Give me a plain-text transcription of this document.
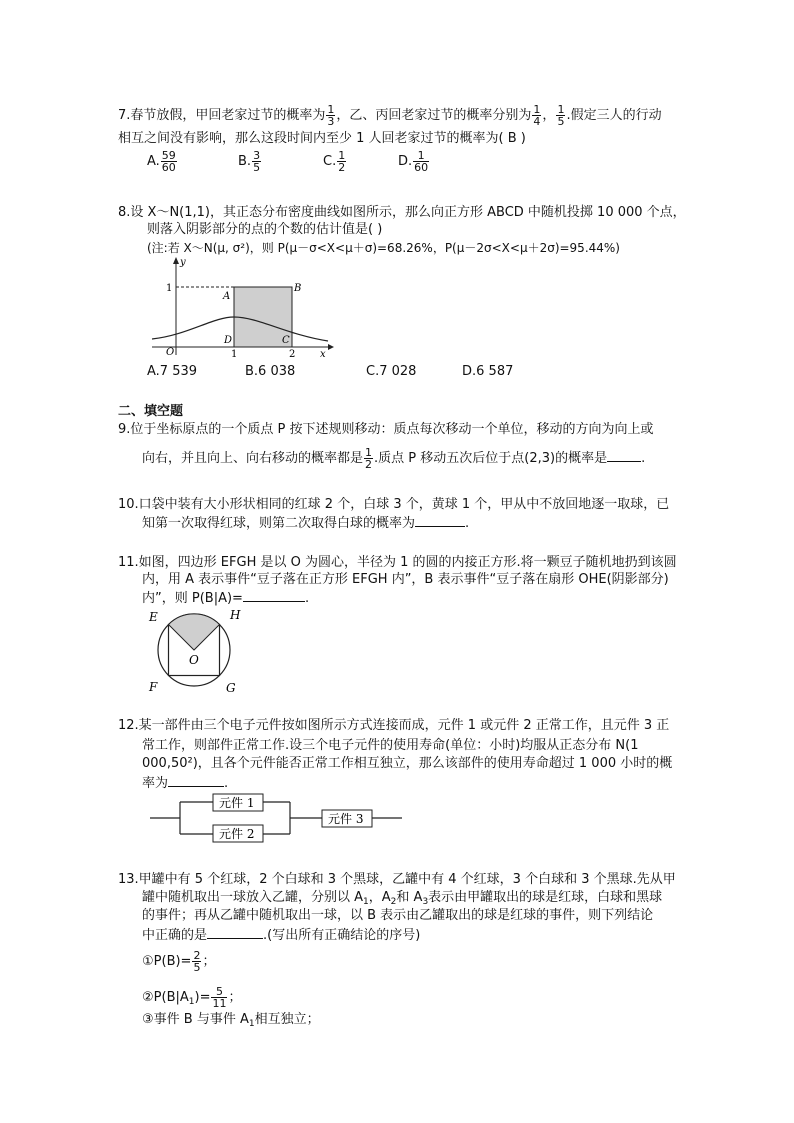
7.春节放假，甲回老家过节的概率为 $\frac{1}{3}$ ，乙、丙回老家过节的概率分别为 $\frac{1}{4}$ ， $\frac{1}{5}$ .假定三人的行动
相互之间没有影响，那么这段时间内至少 1 人回老家过节的概率为( B )
A. $\frac{59}{60}$	B. $\frac{3}{5}$	C. $\frac{1}{2}$	D. $\frac{1}{60}$
8.设 X～N(1,1)，其正态分布密度曲线如图所示，那么向正方形 ABCD 中随机投掷 10 000 个点，
则落入阴影部分的点的个数的估计值是( )
(注:若 X～N(μ, σ²)，则 P(μ－σ<X<μ＋σ)=68.26%，P(μ－2σ<X<μ＋2σ)=95.44%)
y
1
O	1	2 x
A
B
C
D
A.7 539	B.6 038	C.7 028	D.6 587
二、填空题
9.位于坐标原点的一个质点 P 按下述规则移动：质点每次移动一个单位，移动的方向为向上或
向右，并且向上、向右移动的概率都是 $\frac{1}{2}$ .质点 P 移动五次后位于点(2,3)的概率是	.
10.口袋中装有大小形状相同的红球 2 个，白球 3 个，黄球 1 个，甲从中不放回地逐一取球，已
知第一次取得红球，则第二次取得白球的概率为	.
11.如图，四边形 EFGH 是以 O 为圆心，半径为 1 的圆的内接正方形.将一颗豆子随机地扔到该圆
内，用 A 表示事件“豆子落在正方形 EFGH 内”，B 表示事件“豆子落在扇形 OHE(阴影部分)
内”，则 P(B|A)=	.
E	H
F	G
O
12.某一部件由三个电子元件按如图所示方式连接而成，元件 1 或元件 2 正常工作，且元件 3 正
常工作，则部件正常工作.设三个电子元件的使用寿命(单位：小时)均服从正态分布 N(1
000,50²)，且各个元件能否正常工作相互独立，那么该部件的使用寿命超过 1 000 小时的概
率为	.
元件 1
元件 2
元件 3
13.甲罐中有 5 个红球，2 个白球和 3 个黑球，乙罐中有 4 个红球，3 个白球和 3 个黑球.先从甲
罐中随机取出一球放入乙罐，分别以 $A_1$，$A_2$和 $A_3$表示由甲罐取出的球是红球，白球和黑球
的事件；再从乙罐中随机取出一球，以 B 表示由乙罐取出的球是红球的事件，则下列结论
中正确的是	.(写出所有正确结论的序号)
①P(B)= $\frac{2}{5}$ ；
$②P(B|A_1)= \frac{5}{11}$ ；
③事件 B 与事件 $A_1$相互独立；
